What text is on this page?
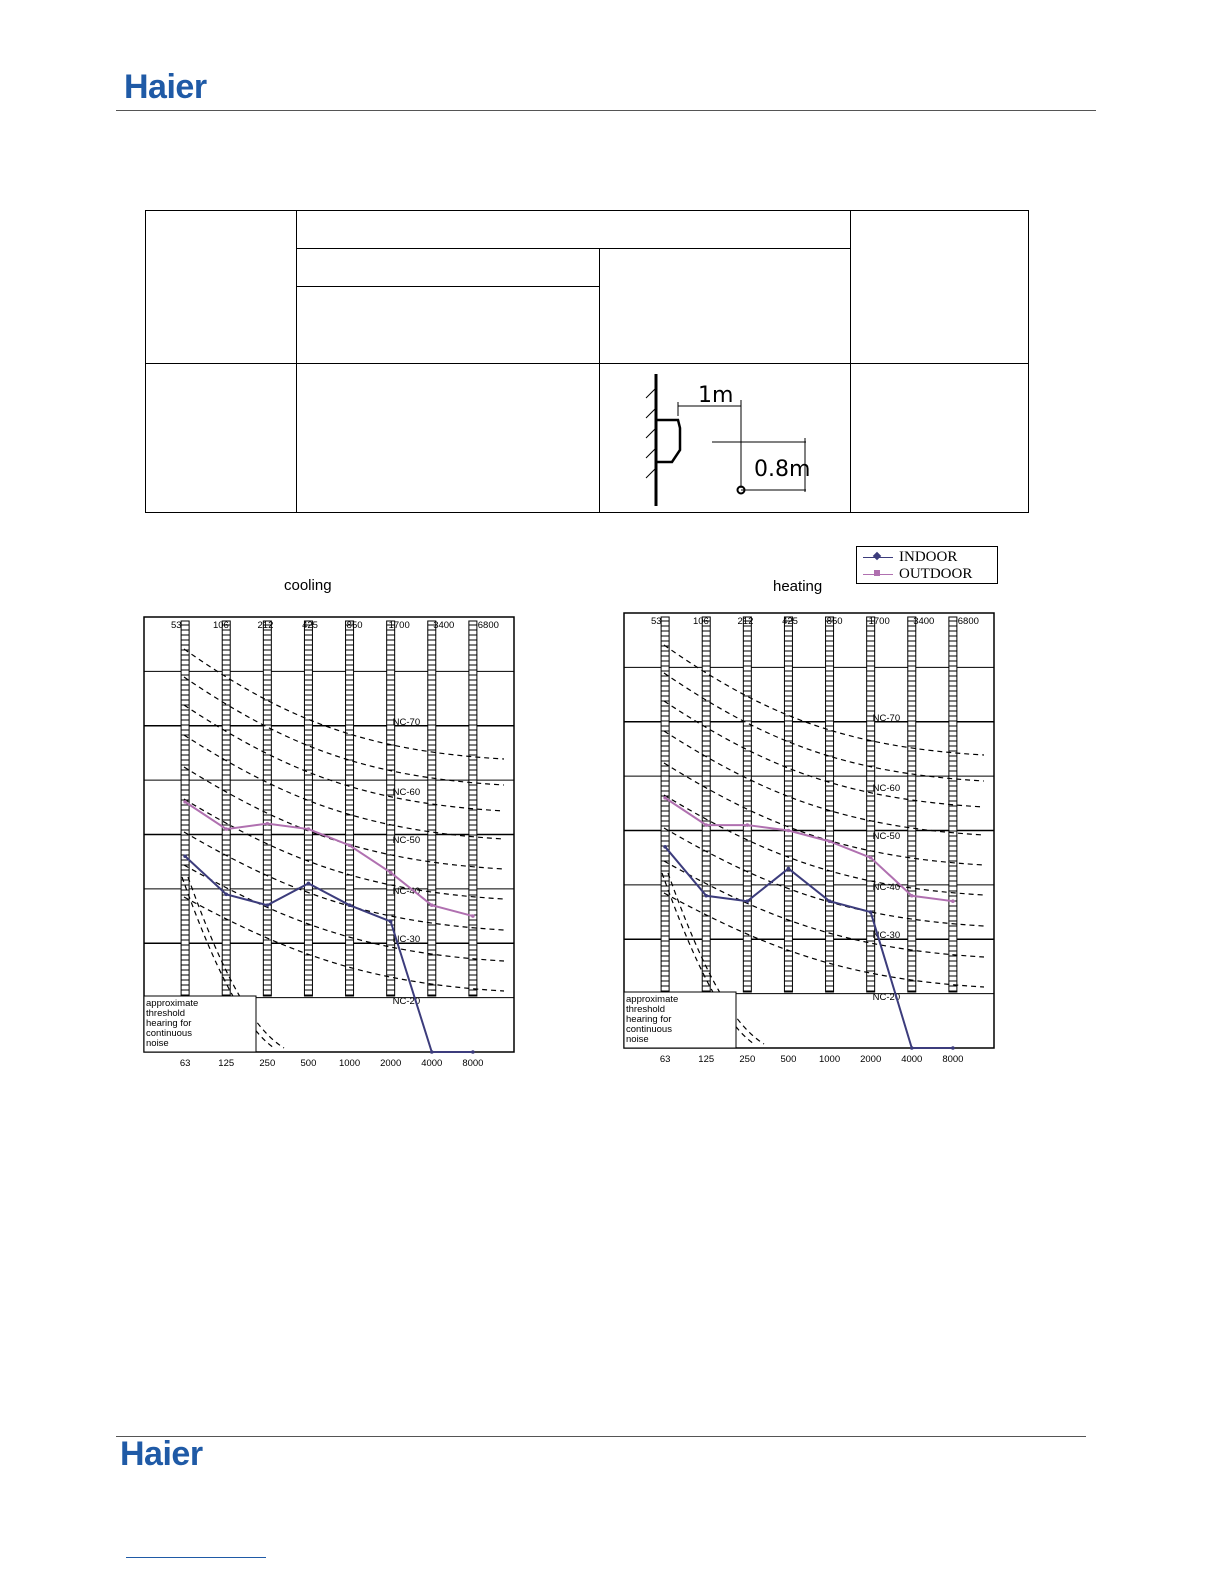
Haier

1m
0.8m	

INDOOR
OUTDOOR
cooling	heating
approximate threshold hearing for continuous noise
53	106	212	425	850	1700 3400 6800
63	125	250	500 1000 2000 4000 8000
NC-70
NC-60
NC-50
NC-40
NC-30
NC-20	approximate threshold hearing for continuous noise
53	106	212	425	850	1700 3400 6800
63	125	250	500 1000 2000 4000 8000
NC-70
NC-60
NC-50
NC-40
NC-30
NC-20
Haier
